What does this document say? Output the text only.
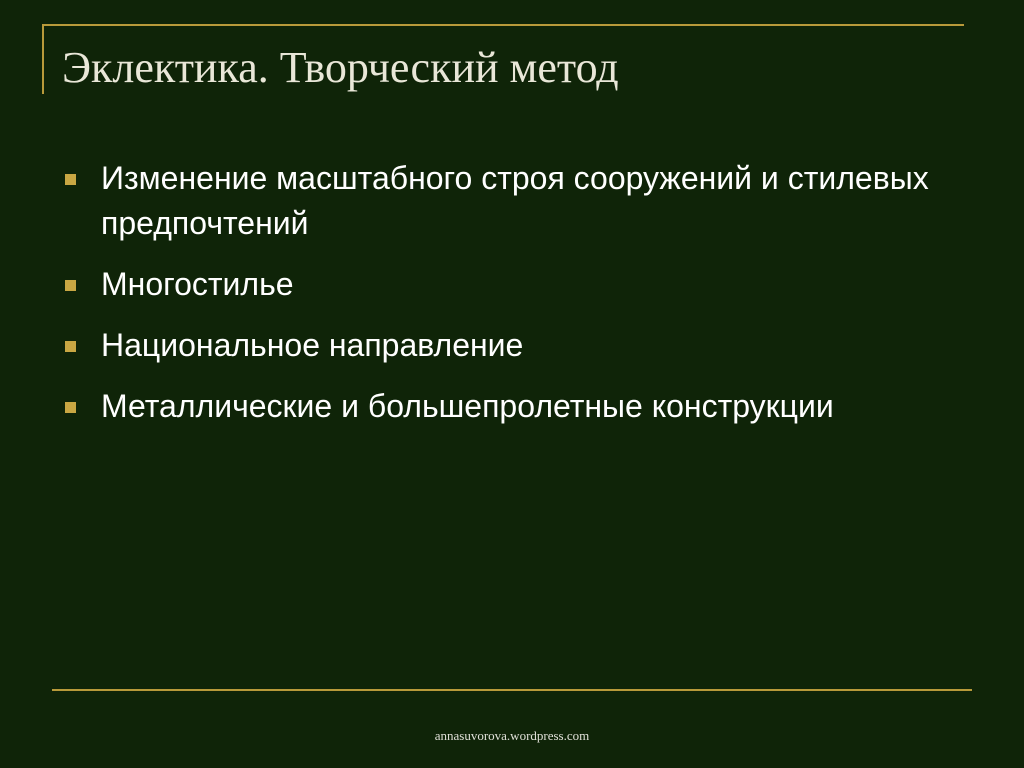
Эклектика. Творческий метод
Изменение масштабного строя сооружений и стилевых предпочтений
Многостилье
Национальное направление
Металлические и большепролетные конструкции
annasuvorova.wordpress.com
